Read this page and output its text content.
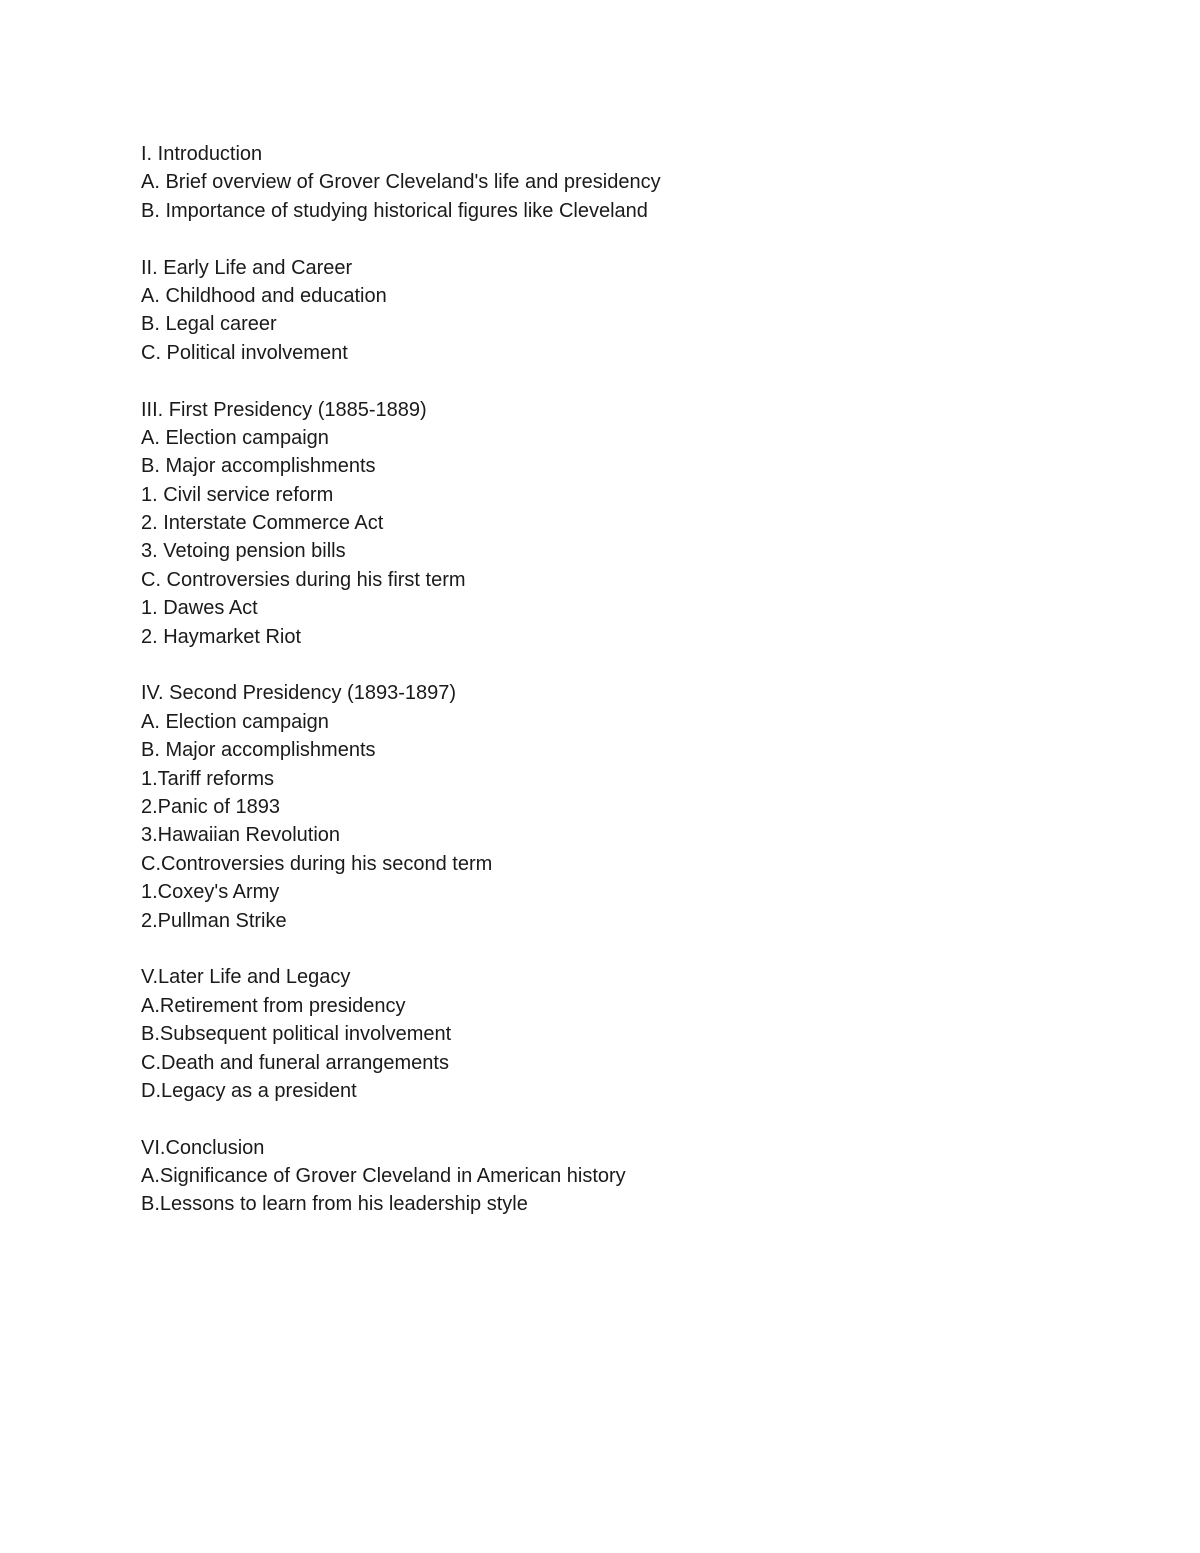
I. Introduction
A. Brief overview of Grover Cleveland's life and presidency
B. Importance of studying historical figures like Cleveland
II. Early Life and Career
A. Childhood and education
B. Legal career
C. Political involvement
III. First Presidency (1885-1889)
A. Election campaign
B. Major accomplishments
1. Civil service reform
2. Interstate Commerce Act
3. Vetoing pension bills
C. Controversies during his first term
1. Dawes Act
2. Haymarket Riot
IV. Second Presidency (1893-1897)
A. Election campaign
B. Major accomplishments
1.Tariff reforms
2.Panic of 1893
3.Hawaiian Revolution
C.Controversies during his second term
1.Coxey's Army
2.Pullman Strike
V.Later Life and Legacy
A.Retirement from presidency
B.Subsequent political involvement
C.Death and funeral arrangements
D.Legacy as a president
VI.Conclusion
A.Significance of Grover Cleveland in American history
B.Lessons to learn from his leadership style
